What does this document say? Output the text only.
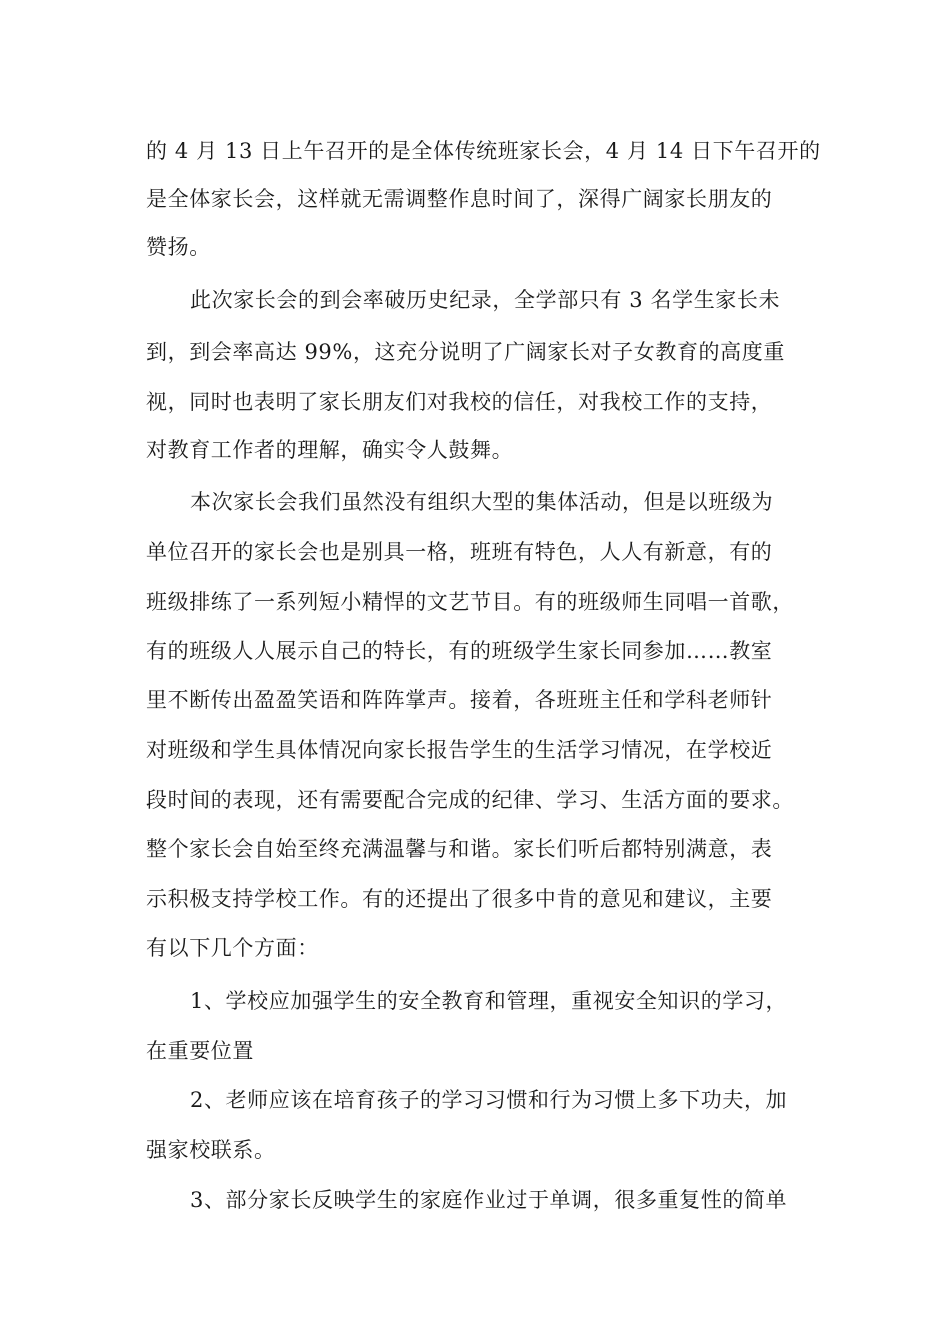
的 4 月 13 日上午召开的是全体传统班家长会，4 月 14 日下午召开的
是全体家长会，这样就无需调整作息时间了，深得广阔家长朋友的
赞扬。
此次家长会的到会率破历史纪录，全学部只有 3 名学生家长未
到，到会率高达 99%，这充分说明了广阔家长对子女教育的高度重
视，同时也表明了家长朋友们对我校的信任，对我校工作的支持，
对教育工作者的理解，确实令人鼓舞。
本次家长会我们虽然没有组织大型的集体活动，但是以班级为
单位召开的家长会也是别具一格，班班有特色，人人有新意，有的
班级排练了一系列短小精悍的文艺节目。有的班级师生同唱一首歌，
有的班级人人展示自己的特长，有的班级学生家长同参加……教室
里不断传出盈盈笑语和阵阵掌声。接着，各班班主任和学科老师针
对班级和学生具体情况向家长报告学生的生活学习情况，在学校近
段时间的表现，还有需要配合完成的纪律、学习、生活方面的要求。
整个家长会自始至终充满温馨与和谐。家长们听后都特别满意，表
示积极支持学校工作。有的还提出了很多中肯的意见和建议，主要
有以下几个方面：
1、学校应加强学生的安全教育和管理，重视安全知识的学习，
在重要位置
2、老师应该在培育孩子的学习习惯和行为习惯上多下功夫，加
强家校联系。
3、部分家长反映学生的家庭作业过于单调，很多重复性的简单
